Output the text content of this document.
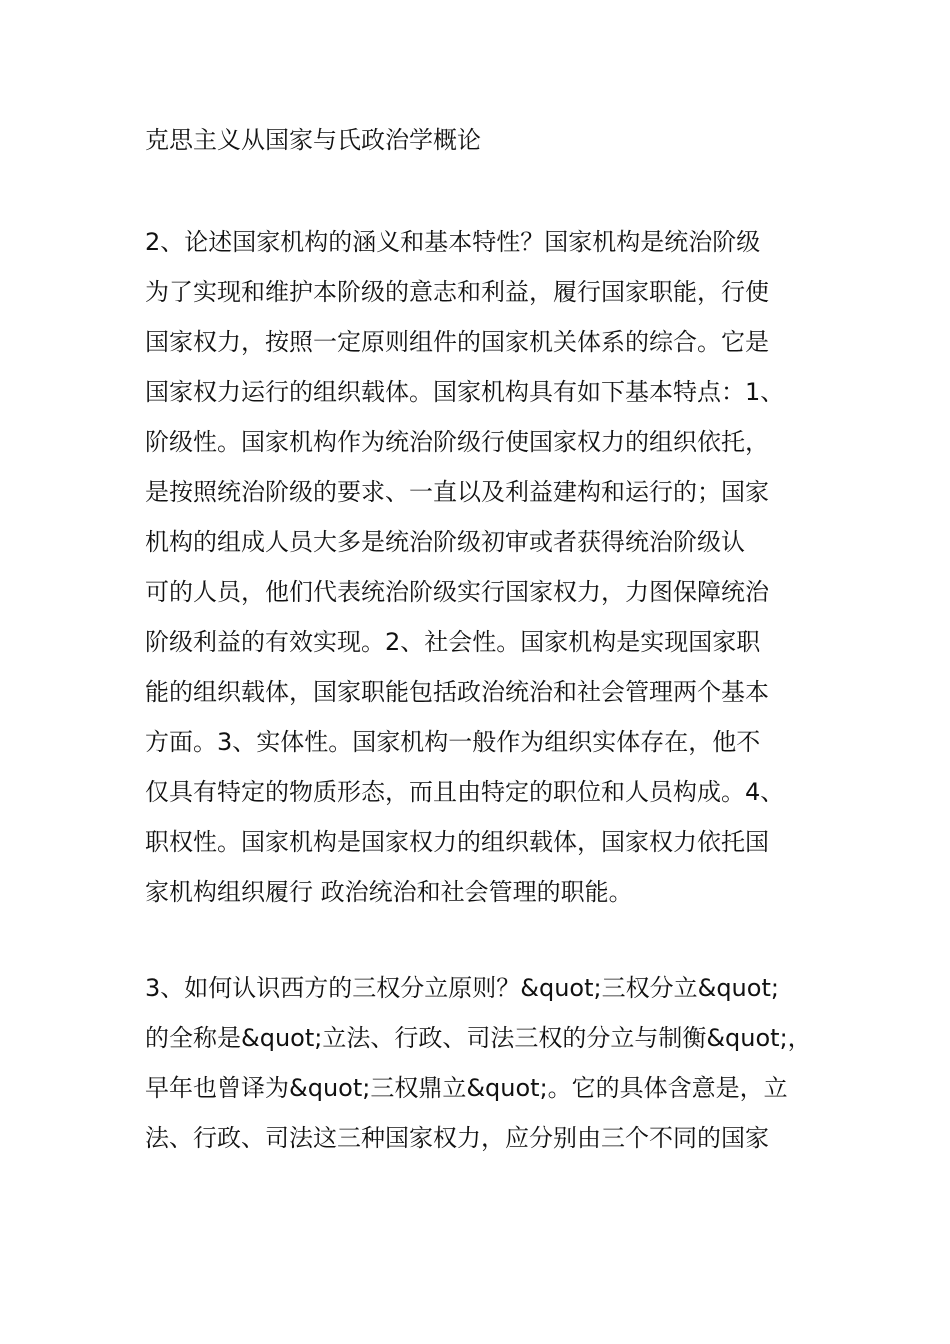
克思主义从国家与氏政治学概论
2、论述国家机构的涵义和基本特性？国家机构是统治阶级
为了实现和维护本阶级的意志和利益，履行国家职能，行使
国家权力，按照一定原则组件的国家机关体系的综合。它是
国家权力运行的组织载体。国家机构具有如下基本特点：1、
阶级性。国家机构作为统治阶级行使国家权力的组织依托，
是按照统治阶级的要求、一直以及利益建构和运行的；国家
机构的组成人员大多是统治阶级初审或者获得统治阶级认
可的人员，他们代表统治阶级实行国家权力，力图保障统治
阶级利益的有效实现。2、社会性。国家机构是实现国家职
能的组织载体，国家职能包括政治统治和社会管理两个基本
方面。3、实体性。国家机构一般作为组织实体存在，他不
仅具有特定的物质形态，而且由特定的职位和人员构成。4、
职权性。国家机构是国家权力的组织载体，国家权力依托国
家机构组织履行 政治统治和社会管理的职能。
3、如何认识西方的三权分立原则？&quot;三权分立&quot;
的全称是&quot;立法、行政、司法三权的分立与制衡&quot;，
早年也曾译为&quot;三权鼎立&quot;。它的具体含意是，立
法、行政、司法这三种国家权力，应分别由三个不同的国家
